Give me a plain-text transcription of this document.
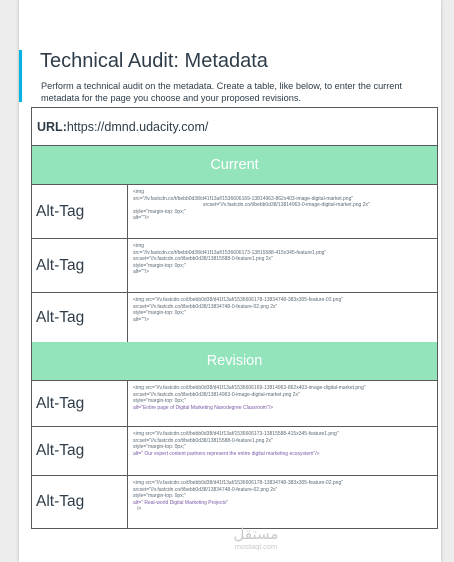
Technical Audit: Metadata

Perform a technical audit on the metadata. Create a table, like below, to enter the current metadata for the page you choose and your proposed revisions.

URL: https://dmnd.udacity.com/
Current
Alt-Tag
<img
src="//v.fastcdn.co/t/bebb0d38/d41f13af/1536606169-13814963-862x403-image-digital-market.png"
srcset="//v.fastcdn.co/t/bebb0d38/13814963-0-image-digital-market.png 2x"
style="margin-top: 0px;"
alt=""/>
Alt-Tag
<img
src="//v.fastcdn.co/t/bebb0d38/d41f13af/1536606173-13815588-415x345-feature1.png"
srcset="//v.fastcdn.co/t/bebb0d38/13815588-0-feature1.png 2x"
style="margin-top: 0px;"
alt=""/>
Alt-Tag
<img src="//v.fastcdn.co/t/bebb0d38/d41f13af/1536606178-13834748-383x305-feature-02.png"
srcset="//v.fastcdn.co/t/bebb0d38/13834748-0-feature-02.png 2x"
style="margin-top: 0px;"
alt=""/>
Revision
Alt-Tag
<img src="//v.fastcdn.co/t/bebb0d38/d41f13af/1536606169-13814963-862x403-image-digital-market.png"
srcset="//v.fastcdn.co/t/bebb0d38/13814963-0-image-digital-market.png 2x"
style="margin-top: 0px;"
alt="Entire page of Digital Marketing Nanodegree Classroom"/>
Alt-Tag
<img src="//v.fastcdn.co/t/bebb0d38/d41f13af/1536606173-13815588-415x345-feature1.png"
srcset="//v.fastcdn.co/t/bebb0d38/13815588-0-feature1.png 2x"
style="margin-top: 0px;"
alt=" Our expert content partners represent the entire digital marketing ecosystem"/>
Alt-Tag
<img src="//v.fastcdn.co/t/bebb0d38/d41f13af/1536606178-13834748-383x305-feature-02.png"
srcset="//v.fastcdn.co/t/bebb0d38/13834748-0-feature-02.png 2x"
style="margin-top: 0px;"
alt=" Real-world Digital Marketing Projects"
/>
مستقل
mostaql.com
